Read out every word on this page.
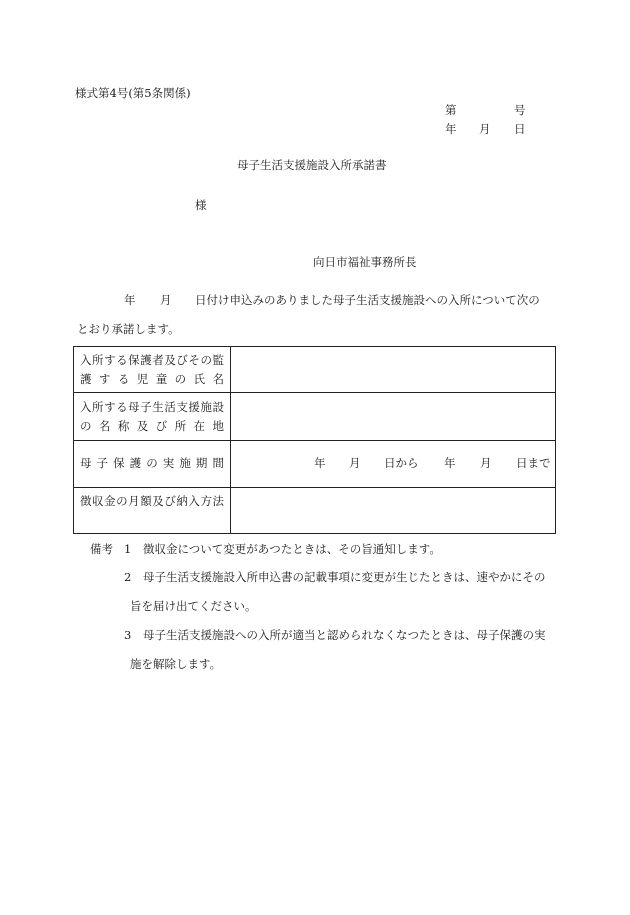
様式第4号(第5条関係)
第	号
年 月 日
母子生活支援施設入所承諾書
様
向日市福祉事務所長
年 月 日付け申込みのありました母子生活支援施設への入所について次の
とおり承諾します。
入所する保護者及びその監護する児童の氏名
入所する母子生活支援施設の名称及び所在地
母子保護の実施期間
徴収金の月額及び納入方法
年 月 日から 年 月 日まで
備考 1 徴収金について変更があつたときは、その旨通知します。
2 母子生活支援施設入所申込書の記載事項に変更が生じたときは、速やかにその
旨を届け出てください。
3 母子生活支援施設への入所が適当と認められなくなつたときは、母子保護の実
施を解除します。
